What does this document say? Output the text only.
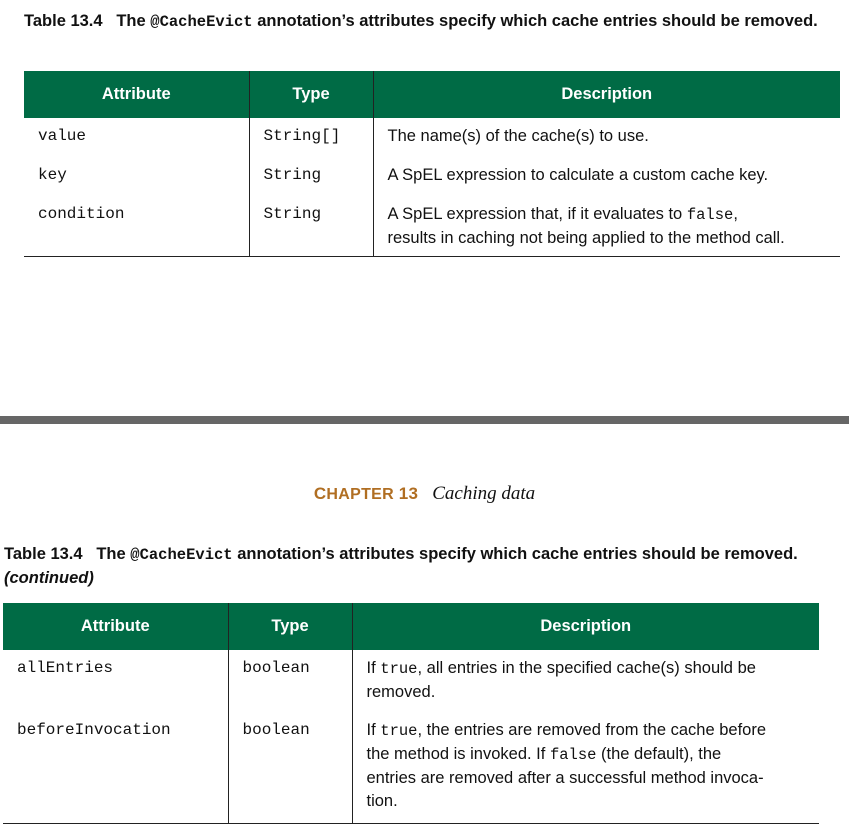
Table 13.4 The @CacheEvict annotation’s attributes specify which cache entries should be removed.
Attribute	Type	Description
value	String[]	The name(s) of the cache(s) to use.
key	String	A SpEL expression to calculate a custom cache key.
condition	String	A SpEL expression that, if it evaluates to false,
results in caching not being applied to the method call.
CHAPTER 13 Caching data
Table 13.4 The @CacheEvict annotation’s attributes specify which cache entries should be removed. (continued)
Attribute	Type	Description
allEntries	boolean	If true, all entries in the specified cache(s) should be
removed.
beforeInvocation	boolean	If true, the entries are removed from the cache before
the method is invoked. If false (the default), the
entries are removed after a successful method invoca-
tion.
